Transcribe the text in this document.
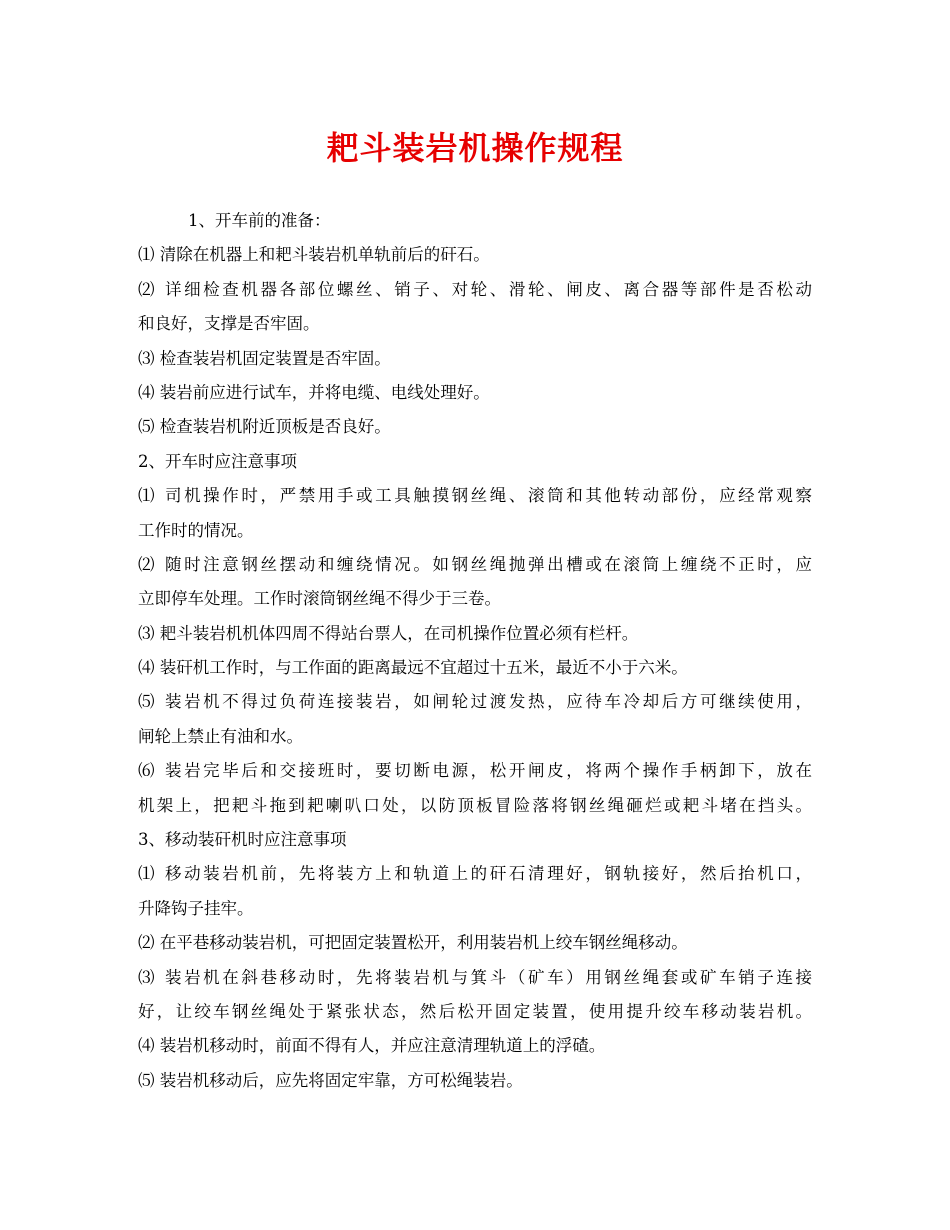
耙斗装岩机操作规程
1、开车前的准备：
⑴ 清除在机器上和耙斗装岩机单轨前后的矸石。
⑵ 详细检查机器各部位螺丝、销子、对轮、滑轮、闸皮、离合器等部件是否松动
和良好，支撑是否牢固。
⑶ 检查装岩机固定装置是否牢固。
⑷ 装岩前应进行试车，并将电缆、电线处理好。
⑸ 检查装岩机附近顶板是否良好。
2、开车时应注意事项
⑴ 司机操作时，严禁用手或工具触摸钢丝绳、滚筒和其他转动部份，应经常观察
工作时的情况。
⑵ 随时注意钢丝摆动和缠绕情况。如钢丝绳抛弹出槽或在滚筒上缠绕不正时，应
立即停车处理。工作时滚筒钢丝绳不得少于三卷。
⑶ 耙斗装岩机机体四周不得站台票人，在司机操作位置必须有栏杆。
⑷ 装矸机工作时，与工作面的距离最远不宜超过十五米，最近不小于六米。
⑸ 装岩机不得过负荷连接装岩，如闸轮过渡发热，应待车冷却后方可继续使用，
闸轮上禁止有油和水。
⑹ 装岩完毕后和交接班时，要切断电源，松开闸皮，将两个操作手柄卸下，放在
机架上，把耙斗拖到耙喇叭口处，以防顶板冒险落将钢丝绳砸烂或耙斗堵在挡头。
3、移动装矸机时应注意事项
⑴ 移动装岩机前，先将装方上和轨道上的矸石清理好，钢轨接好，然后抬机口，
升降钩子挂牢。
⑵ 在平巷移动装岩机，可把固定装置松开，利用装岩机上绞车钢丝绳移动。
⑶ 装岩机在斜巷移动时，先将装岩机与箕斗（矿车）用钢丝绳套或矿车销子连接
好，让绞车钢丝绳处于紧张状态，然后松开固定装置，使用提升绞车移动装岩机。
⑷ 装岩机移动时，前面不得有人，并应注意清理轨道上的浮碴。
⑸ 装岩机移动后，应先将固定牢靠，方可松绳装岩。
